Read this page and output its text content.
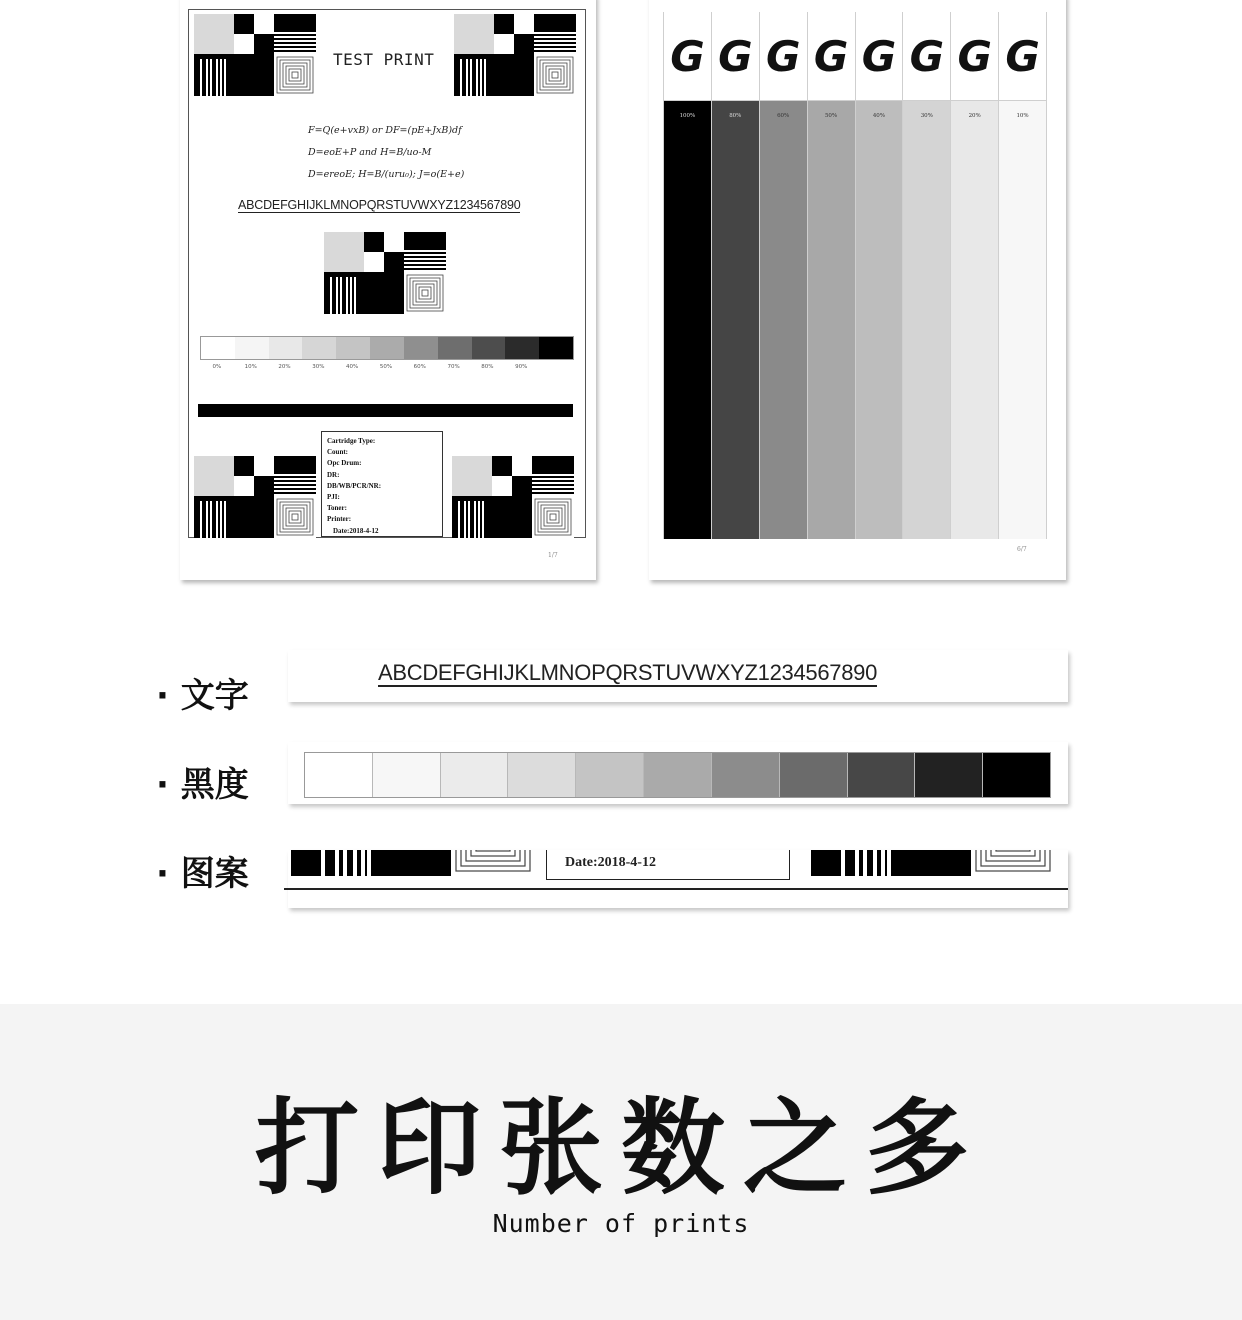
TEST PRINT
F=Q(e+vxB) or DF=(pE+JxB)df
D=eoE+P and H=B/uo-M
D=ereoE; H=B/(uru₀); J=o(E+e)
ABCDEFGHIJKLMNOPQRSTUVWXYZ1234567890
0%	10%	20%	30%	40%	50%	60%	70%	80%	90%
Cartridge Type:
Count:
Opc Drum:
DR:
DB/WB/PCR/NR:
PJI:
Toner:
Printer:
Date:2018-4-12
1/7
G
100%
G
80%
G
60%
G
50%
G
40%
G
30%
G
20%
G
10%
6/7
· 文字
ABCDEFGHIJKLMNOPQRSTUVWXYZ1234567890
· 黑度
· 图案	Date:2018-4-12
打印张数之多
Number of prints
